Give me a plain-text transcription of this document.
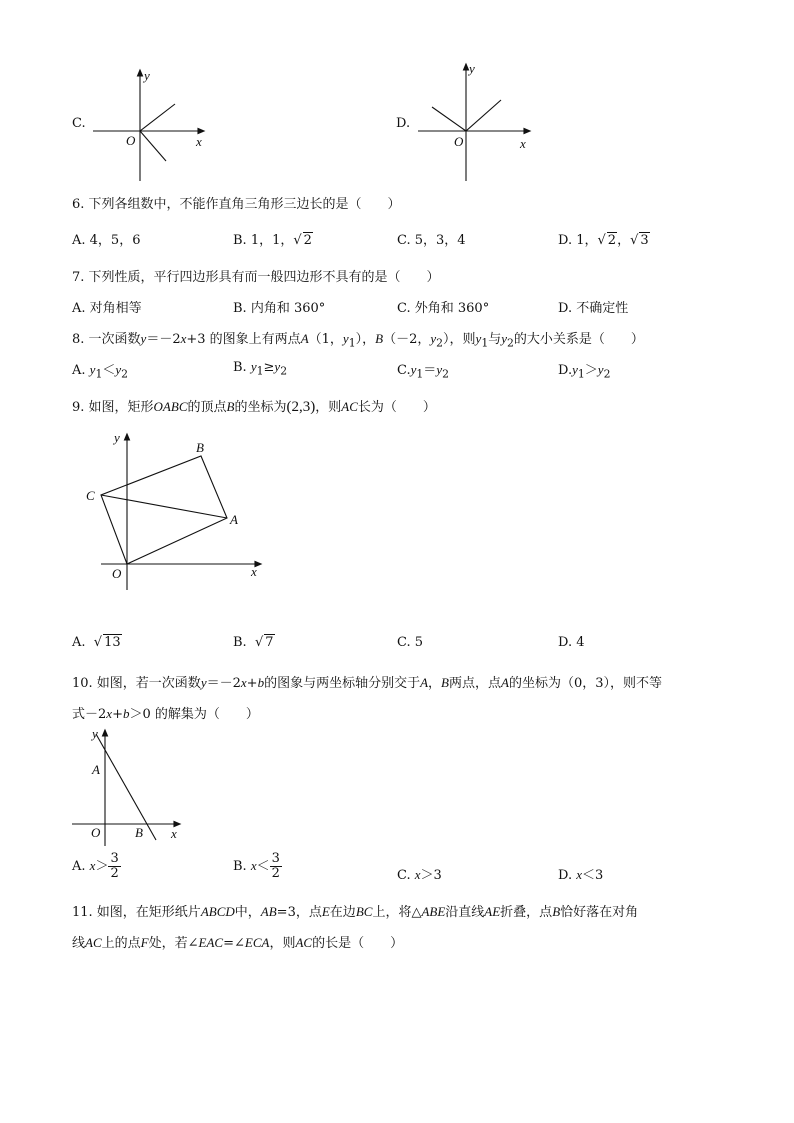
C.
y
x
O
D.
y
x
O
6. 下列各组数中，不能作直角三角形三边长的是（　　）
A. 4，5，6	B. 1，1，√ 2	C. 5，3，4	D. 1，√ 2，√ 3
7. 下列性质，平行四边形具有而一般四边形不具有的是（　　）
A. 对角相等	B. 内角和 360°	C. 外角和 360°	D. 不确定性
8. 一次函数y＝－2x+3 的图象上有两点A（1，$y_1$），B（－2，$y_2$），则$y_1$与$y_2$的大小关系是（　　）
A. $y_1<y_2$	B. $y_1\ge y_2$	$C.y_1=y_2$	$D.y_1>y_2$
9. 如图，矩形OABC的顶点B的坐标为(2,3)，则AC长为（　　）
y
B
C
A
O	x
A. √ 13	B. √ 7	C. 5	D. 4
10. 如图，若一次函数y＝－2x+b的图象与两坐标轴分别交于A，B两点，点A的坐标为（0，3），则不等
式－2x+b＞0 的解集为（　　）
y
A
O	B x
A. $x> \frac{3}{2}$	B. $x< \frac{3}{2}$	C. x＞3	D. x＜3
11. 如图，在矩形纸片ABCD中，AB=3，点E在边BC上，将△ABE沿直线AE折叠，点B恰好落在对角
线AC上的点F处，若∠EAC=∠ECA，则AC的长是（　　）
